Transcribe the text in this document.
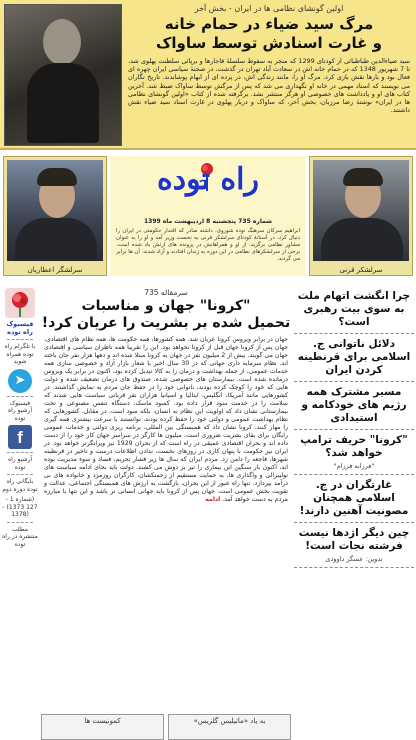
اولین گونشای نظامی ها در ایران - بخش آخر
مرگ سید ضیاء در حمام خانه
و غارت اسنادش توسط ساواک
سید ضیاءالدین طباطبائی از کودتای 1299 که منجر به سقوط سلسلهٔ قاجارها و برپائی سلطنت پهلوی شد، تا 7 شهریور 1348 که در حمام خانه اش در سعادت آباد تهران در گذشت، در صحنهٔ سیاسی ایران چهره ای فعال بود و بارها نقش بازی کرد. مرگ او را، مانند زندگی اش، در پرده ای از ابهام پوشاندند. تاریخ نگاران می نویسند که اسناد مهمی در خانه او نگهداری می شد که پس از مرگش توسط ساواک ضبط شد. آخرین کتاب های او و یادداشت های خصوصی او هرگز منتشر نشد. برگرفته شده از کتاب «اولین گونشای نظامی ها در ایران» نوشتهٔ رضا مرزبان، بخش آخر، که ساواک و دربار پهلوی در غارت اسناد سید ضیاء نقش داشتند.
سرلشگر اعطاریان
راه توده
شماره 735 پنجشنبه 8 اردیبهشت ماه 1399
ابراهیم سرکان سرهنگ توده شوروی، داشته صادر که اقتدار حکومتی در ایران را دنبال کرد، در آستانهٔ کودتای سرلشکر قرنی به نخست وزیر آمد و او را به عنوان مشاور نظامی برگزید. از او و همراهانش در پرونده های ارتش یاد شده است. برخی از سرلشکرهای نظامی در این دوره به زندان افتادند و آزاد شدند. آن ها برابر می گردند.
سرلشکر قرنی
چرا انگشت اتهام ملت به سوی بیت رهبری است؟
دلائل ناتوانی ج. اسلامی برای قرنطینه کردن ایران
مسیر مشترک همه رژیم های خودکامه و استبدادی
"کرونا" حریف ترامپ خواهد شد؟
"فرزانه فرزام"
غارتگران در ج. اسلامی همچنان مصونیت آهنین دارند!
چین دیگر اژدها نیست فرشته نجات است!
تدوین: عسگر داوودی
سرمقاله 735
"کرونا" جهان و مناسبات
تحمیل شده بر بشریت را عریان کرد!
جهان در برابر ویروس کرونا عریان شد. همه کشورها، همه حکومت ها، همه نظام های اقتصادی، جهان پس از کرونا جهان قبل از کرونا نخواهد بود. این را تقریبا همه ناظران سیاسی و اقتصادی جهان می گویند. بیش از 2 میلیون نفر در جهان به کرونا مبتلا شده اند و دهها هزار نفر جان باخته اند. نظام سرمایه داری جهانی که در 30 سال اخیر با شعار بازار آزاد و خصوصی سازی همه خدمات عمومی، از جمله بهداشت و درمان را به کالا تبدیل کرده بود، اکنون در برابر یک ویروس درمانده شده است. بیمارستان های خصوصی شده، صندوق های درمان تضعیف شده و دولت هایی که خود را کوچک کرده بودند، ناتوانی خود را در حفظ جان مردم به نمایش گذاشتند. در کشورهایی مانند آمریکا، انگلیس، ایتالیا و اسپانیا هزاران نفر قربانی سیاست هایی شدند که سلامت را در خدمت سود قرار داده بود. کمبود ماسک، دستگاه تنفس مصنوعی و تخت بیمارستانی نشان داد که اولویت این نظام نه انسان، بلکه سود است. در مقابل، کشورهایی که نظام بهداشت عمومی و دولتی خود را حفظ کرده بودند، توانستند با سرعت بیشتری همه گیری را مهار کنند. کرونا نشان داد که همبستگی بین المللی، برنامه ریزی دولتی و خدمات عمومی رایگان برای بقای بشریت ضروری است. میلیون ها کارگر در سراسر جهان کار خود را از دست داده اند و بحران اقتصادی عمیقی در راه است که از بحران 1929 نیز ویرانگرتر خواهد بود. در ایران نیز حکومت با پنهان کاری در روزهای نخست، ندادن اطلاعات درست و تاخیر در قرنطینه شهرها، فاجعه را دامن زد. مردم ایران که سال ها زیر فشار تحریم، فساد و سوء مدیریت بوده اند، اکنون بار سنگین این بیماری را نیز بر دوش می کشند. دولت باید بجای ادامه سیاست های نولیبرالی و واگذاری ها، به حمایت مستقیم از زحمتکشان، کارگران روزمزد و خانواده های بی درآمد بپردازد. تنها راه عبور از این بحران، بازگشت به ارزش های همبستگی اجتماعی، عدالت و تقویت بخش عمومی است. جهان پس از کرونا باید جهانی انسانی تر باشد و این تنها با مبارزه مردم به دست خواهد آمد. ادامه
به یاد «ماتیلیس گلزیس»
کمونیست ها
فیسبوک راه توده
با تلگرام راه توده همراه شوید
➤
فیسبوک آرشیو راه توده
f
آرشیو راه توده
بایگانی راه توده دوره دوم
(شماره 1 - 127 1373) - (1378
مطلب منتشره در راه توده
